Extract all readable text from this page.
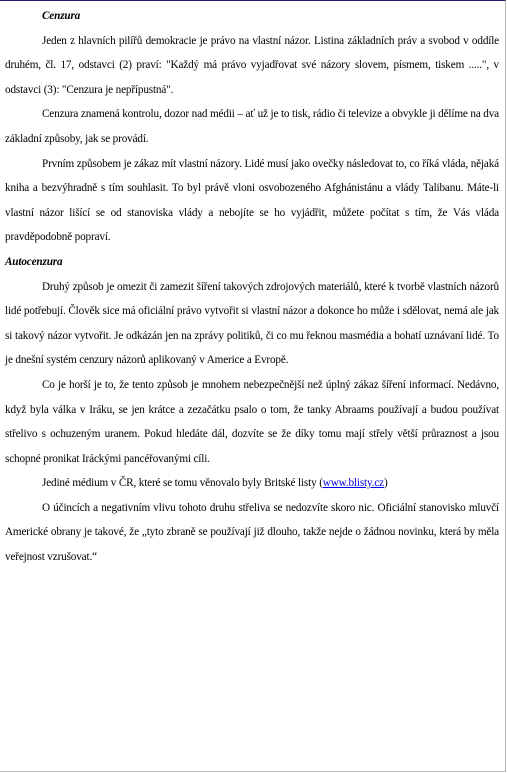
Cenzura

Jeden z hlavních pilířů demokracie je právo na vlastní názor. Listina základních práv a svobod v oddíle druhém, čl. 17, odstavci (2) praví: "Každý má právo vyjadřovat své názory slovem, písmem, tiskem .....", v odstavci (3): "Cenzura je nepřípustná".

Cenzura znamená kontrolu, dozor nad médii – ať už je to tisk, rádio či televize a obvykle ji dělíme na dva základní způsoby, jak se provádí.

Prvním způsobem je zákaz mít vlastní názory. Lidé musí jako ovečky následovat to, co říká vláda, nějaká kniha a bezvýhradně s tím souhlasit. To byl právě vloni osvobozeného Afghánistánu a vlády Talibanu. Máte-li vlastní názor lišící se od stanoviska vlády a nebojíte se ho vyjádřit, můžete počítat s tím, že Vás vláda pravděpodobně popraví.

Autocenzura

Druhý způsob je omezit či zamezit šíření takových zdrojových materiálů, které k tvorbě vlastních názorů lidé potřebují. Člověk sice má oficiální právo vytvořit si vlastní názor a dokonce ho může i sdělovat, nemá ale jak si takový názor vytvořit. Je odkázán jen na zprávy politiků, či co mu řeknou masmédia a bohatí uznávaní lidé. To je dnešní systém cenzury názorů aplikovaný v Americe a Evropě.

Co je horší je to, že tento způsob je mnohem nebezpečnější než úplný zákaz šíření informací. Nedávno, když byla válka v Iráku, se jen krátce a zezačátku psalo o tom, že tanky Abraams používají a budou používat střelivo s ochuzeným uranem. Pokud hledáte dál, dozvíte se že díky tomu mají střely větší průraznost a jsou schopné pronikat Iráckými pancéřovanými cíli.

Jediné médium v ČR, které se tomu věnovalo byly Britské listy (www.blisty.cz)

O účincích a negativním vlivu tohoto druhu střeliva se nedozvíte skoro nic. Oficiální stanovisko mluvčí Americké obrany je takové, že „tyto zbraně se používají již dlouho, takže nejde o žádnou novinku, která by měla veřejnost vzrušovat.“
